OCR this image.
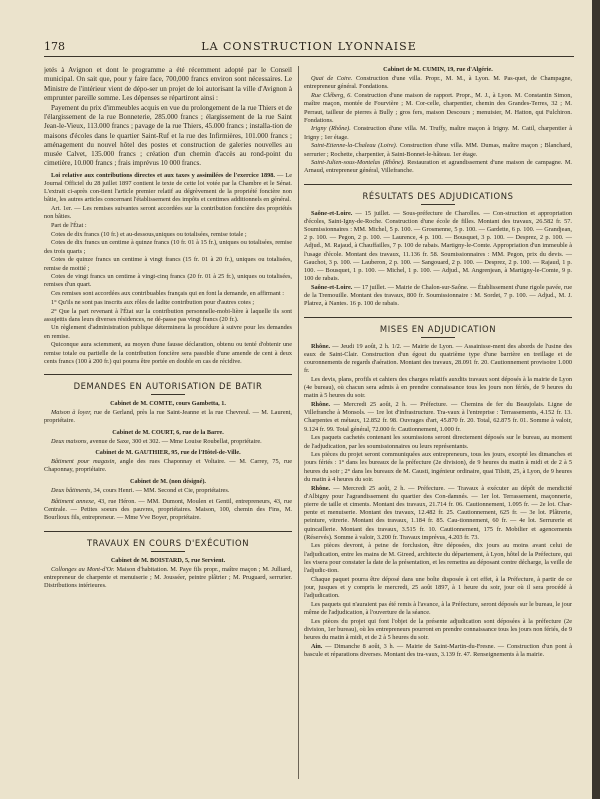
178	LA CONSTRUCTION LYONNAISE

jetés à Avignon et dont le programme a été récemment adopté par le Conseil municipal. On sait que, pour y faire face, 700,000 francs environ sont nécessaires. Le Ministre de l'intérieur vient de dépo-ser un projet de loi autorisant la ville d'Avignon à emprunter pareille somme. Les dépenses se répartiront ainsi :

Payement du prix d'immeubles acquis en vue du prolongement de la rue Thiers et de l'élargissement de la rue Bonneterie, 285.000 francs ; élargissement de la rue Saint Jean-le-Vieux, 113.000 francs ; pavage de la rue Thiers, 45.000 francs ; installa-tion de maisons d'écoles dans le quartier Saint-Ruf et la rue des Infirmières, 101.000 francs ; aménagement du nouvel hôtel des postes et construction de galeries nouvelles au musée Calvet, 135.000 francs ; création d'un chemin d'accès au rond-point du cimetière, 10.000 francs ; frais imprévus 10 000 francs.

Loi relative aux contributions directes et aux taxes y assimilées de l'exercice 1898. — Le Journal Officiel du 28 juillet 1897 contient le texte de cette loi votée par la Chambre et le Sénat. L'extrait ci-après con-tient l'article premier relatif au dégrèvement de la propriété foncière non bâtie, les autres articles concernant l'établissement des impôts et centimes additionnels en général.

Art. 1er. — Les remises suivantes seront accordées sur la contribution foncière des propriétés non bâties.

Part de l'État :

Cotes de dix francs (10 fr.) et au-dessous,uniques ou totalisées, remise totale ;

Cotes de dix francs un centime à quinze francs (10 fr. 01 à 15 fr.), uniques ou totalisées, remise des trois quarts ;

Cotes de quinze francs un centime à vingt francs (15 fr. 01 à 20 fr.), uniques ou totalisées, remise de moitié ;

Cotes de vingt francs un centime à vingt-cinq francs (20 fr. 01 à 25 fr.), uniques ou totalisées, remises d'un quart.

Ces remises sont accordées aux contribuables français qui en font la demande, en affirmant :

1° Qu'ils ne sont pas inscrits aux rôles de ladite contribution pour d'autres cotes ;

2° Que la part revenant à l'État sur la contribution personnelle-mobi-lière à laquelle ils sont assujettis dans leurs diverses résidences, ne dé-passe pas vingt francs (20 fr.).

Un règlement d'administration publique déterminera la procédure à suivre pour les demandes en remise.

Quiconque aura sciemment, au moyen d'une fausse déclaration, obtenu ou tenté d'obtenir une remise totale ou partielle de la contribution foncière sera passible d'une amende de cent à deux cents francs (100 à 200 fr.) qui pourra être portée en double en cas de récidive.

DEMANDES EN AUTORISATION DE BATIR

Cabinet de M. COMTE, cours Gambetta, 1.

Maison à loyer, rue de Gerland, près la rue Saint-Jeanne et la rue Chevreul. — M. Laurent, propriétaire.

Cabinet de M. COURT, 6, rue de la Barre.

Deux maisons, avenue de Saxe, 300 et 302. — Mme Louise Roubellat, propriétaire.

Cabinet de M. GAUTHIER, 95, rue de l'Hôtel-de-Ville.

Bâtiment pour magasin, angle des rues Chaponnay et Voltaire. — M. Carrey, 75, rue Chaponnay, propriétaire.

Cabinet de M. (non désigné).

Deux bâtiments, 34, cours Henri. — MM. Second et Cie, propriétaires.

Bâtiment annexe, 43, rue Héron. — MM. Dumont, Moulen et Gentil, entrepreneurs, 43, rue Centrale. — Petites soeurs des pauvres, propriétaires. Maison, 100, chemin des Fins, M. Bourlioux fils, entrepreneur. — Mme Vve Boyer, propriétaire.

TRAVAUX EN COURS D'EXÉCUTION

Cabinet de M. BOISTARD, 5, rue Servient.

Collonges au Mont-d'Or. Maison d'habitation. M. Paye fils propr., maître maçon ; M. Julliard, entrepreneur de charpente et menuiserie ; M. Jousséer, peintre plâtrier ; M. Pruguard, serrurier. Distributions intérieures.

Cabinet de M. CUMIN, 19, rue d'Algérie.

Quai de Coire. Construction d'une villa. Propr., M. M., à Lyon. M. Pas-quet, de Champagne, entrepreneur général. Fondations.

Rue Cléberg, 6. Construction d'une maison de rapport. Propr., M. J., à Lyon. M. Constantin Simon, maître maçon, montée de Fourvière ; M. Cor-celle, charpentier, chemin des Grandes-Terres, 32 ; M. Perraut, tailleur de pierres à Bully ; gros fers, maison Descours ; menuisier, M. Hatton, qui Fulchiron. Fondations.

Irigny (Rhône). Construction d'une villa. M. Truffy, maître maçon à Irigny. M. Catil, charpentier à Irigny ; 1er étage.

Saint-Etienne-la-Chaleau (Loire). Construction d'une villa. MM. Dumas, maître maçon ; Blanchard, serrurier ; Rochette, charpentier, à Saint-Bonnet-le-hâteau. 1er étage.

Saint-Julien-sous-Montelas (Rhône). Restauration et agrandissement d'une maison de campagne. M. Arnaud, entrepreneur général, Villefranche.

RÉSULTATS DES ADJUDICATIONS

Saône-et-Loire. — 15 juillet. — Sous-préfecture de Charolles. — Con-struction et appropriation d'écoles, Saint-Igny-de-Roche. Construction d'une école de filles. Montant des travaux, 26.582 fr. 57. Soumissionnaires : MM. Michel, 5 p. 100. — Grosmenne, 5 p. 100. — Gardette, 6 p. 100. — Grandjean, 2 p. 100. — Pegon, 2 p. 100. — Laurence, 4 p. 100. — Bousquet, 3 p. 100. — Desprez, 2 p. 100. — Adjud., M. Rajaud, à Chauffailles, 7 p. 100 de rabais. Martigny-le-Comte. Appropriation d'un immeuble à l'usage d'école. Montant des travaux, 11.136 fr. 58. Soumissionnaires : MM. Pegon, prix du devis. — Gauchot, 3 p. 100. — Lauberon, 2 p. 100. — Sangouard, 2 p. 100. — Desprez, 2 p. 100. — Rajaud, 1 p. 100. — Bousquet, 1 p. 100. — Michel, 1 p. 100. — Adjud., M. Angrenjean, à Martigny-le-Comte, 9 p. 100 de rabais.

Saône-et-Loire. — 17 juillet. — Mairie de Chalon-sur-Saône. — Établissement d'une rigole pavée, rue de la Tremouille. Montant des travaux, 800 fr. Soumissionnaire : M. Sordet, 7 p. 100. — Adjud., M. J. Platrez, à Nantes. 16 p. 100 de rabais.

MISES EN ADJUDICATION

Rhône. — Jeudi 19 août, 2 h. 1/2. — Mairie de Lyon. — Assainisse-ment des abords de l'usine des eaux de Saint-Clair. Construction d'un égout du quatrième type d'une barrière en treillage et de couronnements de regards d'aération. Montant des travaux, 28.091 fr. 20. Cautionnement provisoire 1.000 fr.

Les devis, plans, profils et cahiers des charges relatifs auxdits travaux sont déposés à la mairie de Lyon (4e bureau), où chacun sera admis à en prendre connaissance tous les jours non fériés, de 9 heures du matin à 5 heures du soir.

Rhône. — Mercredi 25 août, 2 h. — Préfecture. — Chemins de fer du Beaujolais. Ligne de Villefranche à Monsols. — 1re lot d'infrastructure. Tra-vaux à l'entreprise : Terrassements, 4.152 fr. 13. Charpentes et métaux, 12.852 fr. 98. Ouvrages d'art, 45.870 fr. 20. Total, 62.875 fr. 01. Somme à valoir, 9.124 fr. 99. Total général, 72.000 fr. Cautionnement, 1.000 fr.

Les paquets cachetés contenant les soumissions seront directement déposés sur le bureau, au moment de l'adjudication, par les soumissionnaires ou leurs représentants.

Les pièces du projet seront communiquées aux entrepreneurs, tous les jours, excepté les dimanches et jours fériés : 1° dans les bureaux de la préfecture (2e division), de 9 heures du matin à midi et de 2 à 5 heures du soir ; 2° dans les bureaux de M. Causti, ingénieur ordinaire, quai Tilsitt, 25, à Lyon, de 9 heures du matin à 4 heures du soir.

Rhône. — Mercredi 25 août, 2 h. — Préfecture. — Travaux à exécuter au dépôt de mendicité d'Albigny pour l'agrandissement du quartier des Con-damnés. — 1er lot. Terrassement, maçonnerie, pierre de taille et ciments. Montant des travaux, 21.714 fr. 06. Cautionnement, 1.095 fr. — 2e lot. Char-pente et menuiserie. Montant des travaux, 12.482 fr. 25. Cautionnement, 625 fr. — 3e lot. Plâtrerie, peinture, vitrerie. Montant des travaux, 1.184 fr. 85. Cau-tionnement, 60 fr. — 4e lot. Serrurerie et quincaillerie. Montant des travaux, 3.515 fr. 10. Cautionnement, 175 fr. Mobilier et agencements (Réservés). Somme à valoir, 3.200 fr. Travaux imprévus, 4.203 fr. 73.

Les pièces devront, à peine de forclusion, être déposées, dix jours au moins avant celui de l'adjudication, entre les mains de M. Gireed, architecte du département, à Lyon, hôtel de la Préfecture, qui les visera pour constater la date de la présentation, et les remettra au déposant contre décharge, la veille de l'adjudic-tion.

Chaque paquet pourra être déposé dans une boîte disposée à cet effet, à la Préfecture, à partir de ce jour, jusques et y compris le mercredi, 25 août 1897, à 1 heure du soir, jour où il sera procédé à l'adjudication.

Les paquets qui n'auraient pas été remis à l'avance, à la Préfecture, seront déposés sur le bureau, le jour même de l'adjudication, à l'ouverture de la séance.

Les pièces du projet qui font l'objet de la présente adjudication sont déposées à la préfecture (2e division, 1er bureau), où les entrepreneurs pourront en prendre connaissance tous les jours non fériés, de 9 heures du matin à midi, et de 2 à 5 heures du soir.

Ain. — Dimanche 8 août, 3 h. — Mairie de Saint-Martin-du-Fresne. — Construction d'un pont à bascule et réparations diverses. Montant des tra-vaux, 3.139 fr. 47. Renseignements à la mairie.
